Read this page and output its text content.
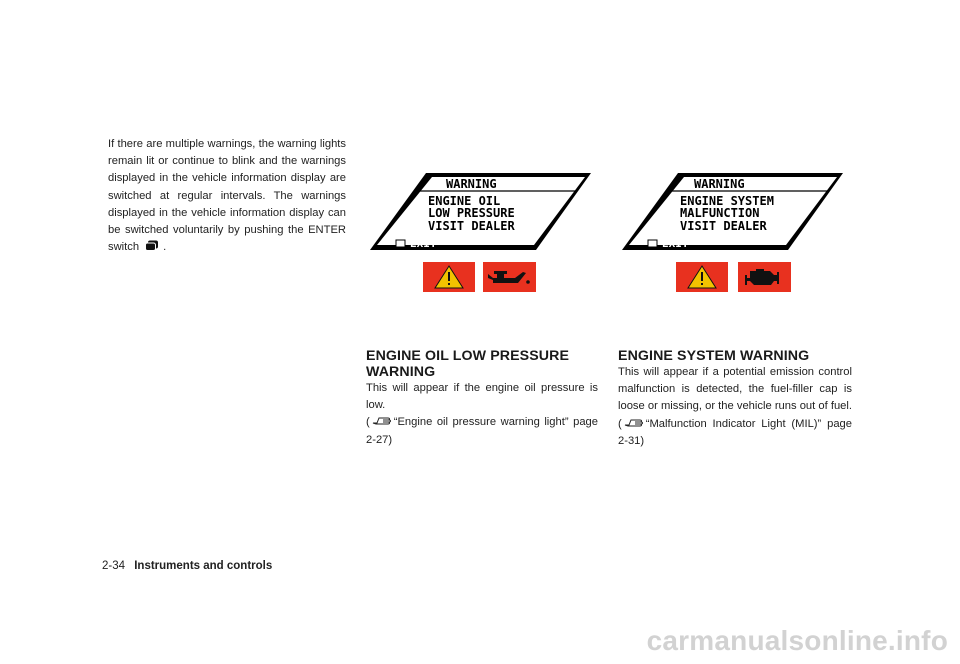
If there are multiple warnings, the warning lights
remain lit or continue to blink and the warnings
displayed in the vehicle information display are
switched at regular intervals. The warnings
displayed in the vehicle information display can
be switched voluntarily by pushing the ENTER
switch .
WARNING
ENGINE OIL
LOW PRESSURE
VISIT DEALER
EXIT
WARNING
ENGINE SYSTEM
MALFUNCTION
VISIT DEALER
EXIT
ENGINE OIL LOW PRESSURE
WARNING
This will appear if the engine oil pressure is low.
( “Engine oil pressure warning light” page
2-27)
ENGINE SYSTEM WARNING
This will appear if a potential emission control
malfunction is detected, the fuel-filler cap is
loose or missing, or the vehicle runs out of fuel.
( “Malfunction Indicator Light (MIL)” page
2-31)
2-34 Instruments and controls
carmanualsonline.info
